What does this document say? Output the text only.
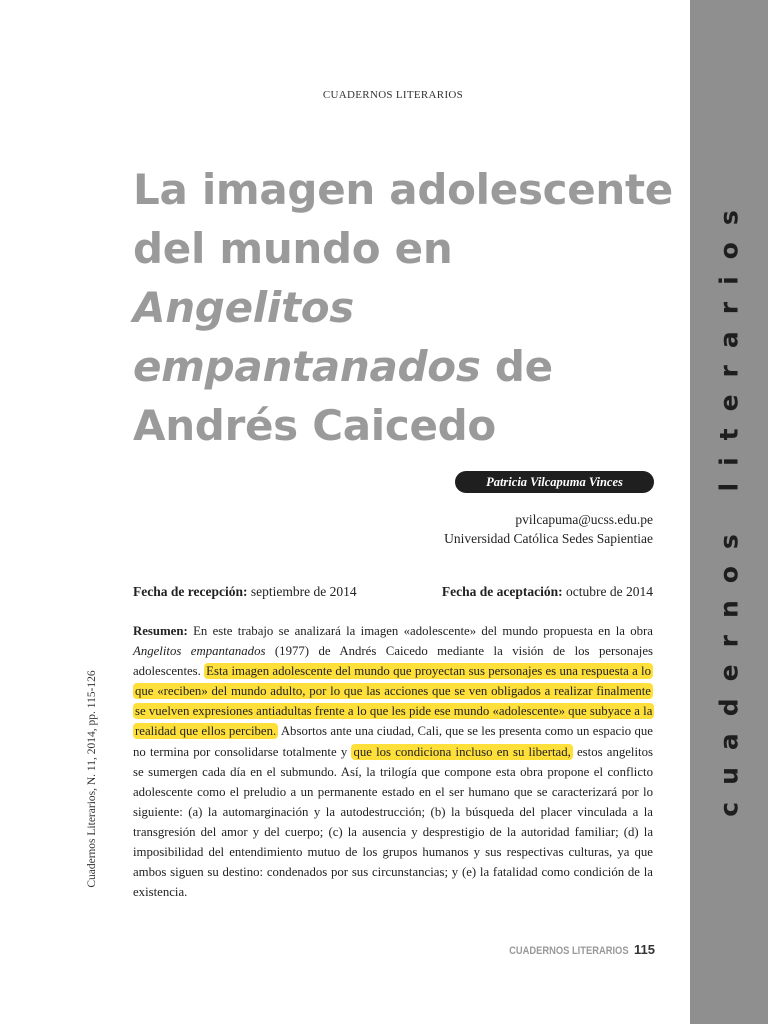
CUADERNOS LITERARIOS
La imagen adolescente del mundo en Angelitos empantanados de Andrés Caicedo
Patricia Vilcapuma Vinces
pvilcapuma@ucss.edu.pe
Universidad Católica Sedes Sapientiae
Fecha de recepción: septiembre de 2014	Fecha de aceptación: octubre de 2014

Resumen: En este trabajo se analizará la imagen «adolescente» del mundo propuesta en la obra Angelitos empantanados (1977) de Andrés Caicedo mediante la visión de los personajes adolescentes. Esta imagen adolescente del mundo que proyectan sus personajes es una respuesta a lo que «reciben» del mundo adulto, por lo que las acciones que se ven obligados a realizar finalmente se vuelven expresiones antiadultas frente a lo que les pide ese mundo «adolescente» que subyace a la realidad que ellos perciben. Absortos ante una ciudad, Cali, que se les presenta como un espacio que no termina por consolidarse totalmente y que los condiciona incluso en su libertad, estos angelitos se sumergen cada día en el submundo. Así, la trilogía que compone esta obra propone el conflicto adolescente como el preludio a un permanente estado en el ser humano que se caracterizará por lo siguiente: (a) la automarginación y la autodestrucción; (b) la búsqueda del placer vinculada a la transgresión del amor y del cuerpo; (c) la ausencia y desprestigio de la autoridad familiar; (d) la imposibilidad del entendimiento mutuo de los grupos humanos y sus respectivas culturas, ya que ambos siguen su destino: condenados por sus circunstancias; y (e) la fatalidad como condición de la existencia.

Cuadernos Literarios, N. 11, 2014, pp. 115-126	cuadernos literarios
CUADERNOS LITERARIOS 115
